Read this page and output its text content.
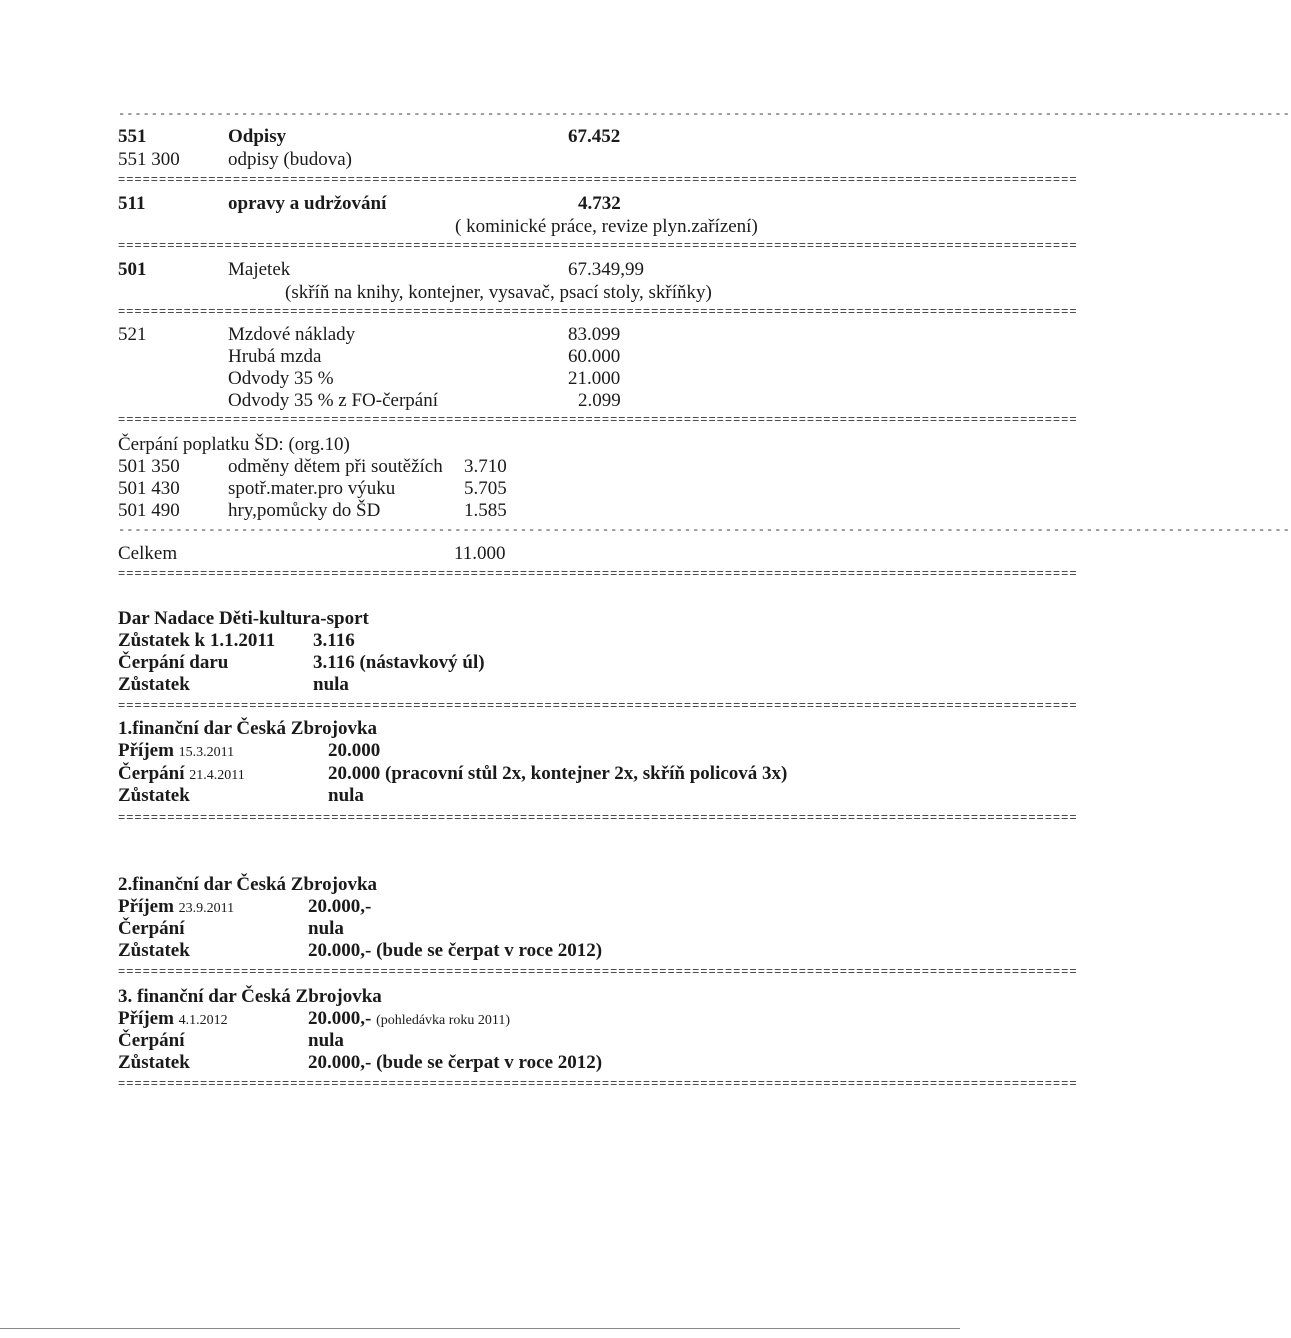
-----------------------------------------------------------------------------------------------------------------------------------------------
551	Odpisy	67.452
551 300	odpisy (budova)
=====================================================================================================================
511	opravy a udržování	4.732
( kominické práce, revize plyn.zařízení)
=====================================================================================================================
501	Majetek	67.349,99
(skříň na knihy, kontejner, vysavač, psací stoly, skříňky)
=====================================================================================================================
521	Mzdové náklady	83.099
Hrubá mzda	60.000
Odvody 35 %	21.000
Odvody 35 % z FO-čerpání	2.099
=====================================================================================================================
Čerpání poplatku ŠD: (org.10)
501 350	odměny dětem při soutěžích 3.710
501 430	spotř.mater.pro výuku	5.705
501 490	hry,pomůcky do ŠD	1.585
-----------------------------------------------------------------------------------------------------------------------------------------------
Celkem	11.000
=====================================================================================================================
Dar Nadace Děti-kultura-sport
Zůstatek k 1.1.2011 3.116
Čerpání daru	3.116 (nástavkový úl)
Zůstatek	nula
=====================================================================================================================
1.finanční dar Česká Zbrojovka
Příjem 15.3.2011	20.000
Čerpání 21.4.2011	20.000 (pracovní stůl 2x, kontejner 2x, skříň policová 3x)
Zůstatek	nula
=====================================================================================================================
2.finanční dar Česká Zbrojovka
Příjem 23.9.2011	20.000,-
Čerpání	nula
Zůstatek	20.000,- (bude se čerpat v roce 2012)
=====================================================================================================================
3. finanční dar Česká Zbrojovka
Příjem 4.1.2012	20.000,- (pohledávka roku 2011)
Čerpání	nula
Zůstatek	20.000,- (bude se čerpat v roce 2012)
=====================================================================================================================
